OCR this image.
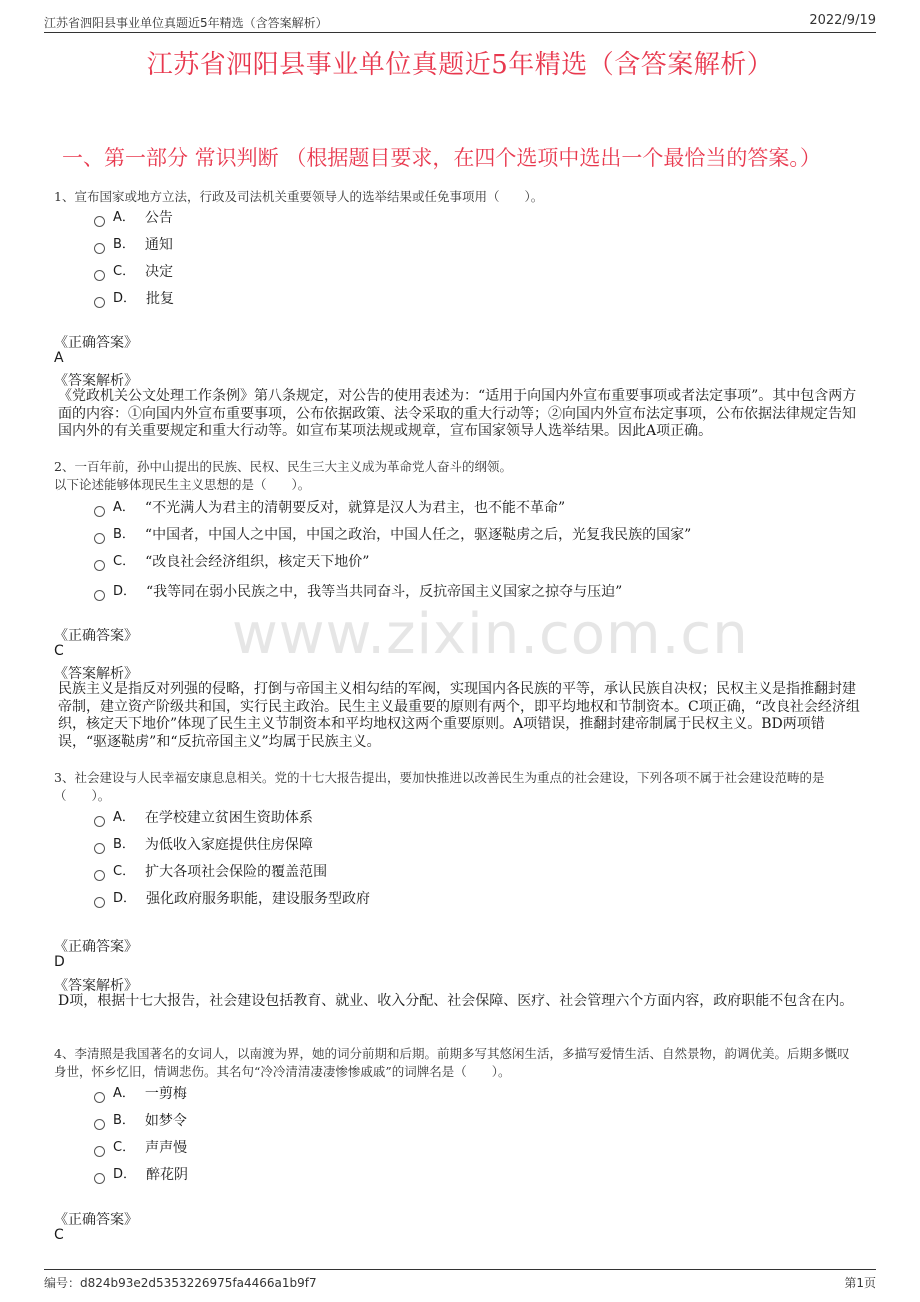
江苏省泗阳县事业单位真题近5年精选（含答案解析）	2022/9/19
江苏省泗阳县事业单位真题近5年精选（含答案解析）
一、第一部分 常识判断 （根据题目要求，在四个选项中选出一个最恰当的答案。）
www.zixin.com.cn
1、宣布国家或地方立法，行政及司法机关重要领导人的选举结果或任免事项用（　　）。
A． 公告
B． 通知
C． 决定
D． 批复
《正确答案》
A
《答案解析》
《党政机关公文处理工作条例》第八条规定，对公告的使用表述为：“适用于向国内外宣布重要事项或者法定事项”。其中包含两方面的内容：①向国内外宣布重要事项，公布依据政策、法令采取的重大行动等；②向国内外宣布法定事项，公布依据法律规定告知国内外的有关重要规定和重大行动等。如宣布某项法规或规章，宣布国家领导人选举结果。因此A项正确。
2、一百年前，孙中山提出的民族、民权、民生三大主义成为革命党人奋斗的纲领。
以下论述能够体现民生主义思想的是（　　）。
A． “不光满人为君主的清朝要反对，就算是汉人为君主，也不能不革命”
B． “中国者，中国人之中国，中国之政治，中国人任之，驱逐鞑虏之后，光复我民族的国家”
C． “改良社会经济组织，核定天下地价”
D． “我等同在弱小民族之中，我等当共同奋斗，反抗帝国主义国家之掠夺与压迫”
《正确答案》
C
《答案解析》
民族主义是指反对列强的侵略，打倒与帝国主义相勾结的军阀，实现国内各民族的平等，承认民族自决权；民权主义是指推翻封建帝制，建立资产阶级共和国，实行民主政治。民生主义最重要的原则有两个，即平均地权和节制资本。C项正确，“改良社会经济组织，核定天下地价”体现了民生主义节制资本和平均地权这两个重要原则。A项错误，推翻封建帝制属于民权主义。BD两项错误，“驱逐鞑虏”和“反抗帝国主义”均属于民族主义。
3、社会建设与人民幸福安康息息相关。党的十七大报告提出，要加快推进以改善民生为重点的社会建设，下列各项不属于社会建设范畴的是（　　）。
A． 在学校建立贫困生资助体系
B． 为低收入家庭提供住房保障
C． 扩大各项社会保险的覆盖范围
D． 强化政府服务职能，建设服务型政府
《正确答案》
D
《答案解析》
D项，根据十七大报告，社会建设包括教育、就业、收入分配、社会保障、医疗、社会管理六个方面内容，政府职能不包含在内。
4、李清照是我国著名的女词人，以南渡为界，她的词分前期和后期。前期多写其悠闲生活，多描写爱情生活、自然景物，韵调优美。后期多慨叹身世，怀乡忆旧，情调悲伤。其名句“冷冷清清凄凄惨惨戚戚”的词牌名是（　　）。
A． 一剪梅
B． 如梦令
C． 声声慢
D． 醉花阴
《正确答案》
C
编号：d824b93e2d5353226975fa4466a1b9f7	第1页
